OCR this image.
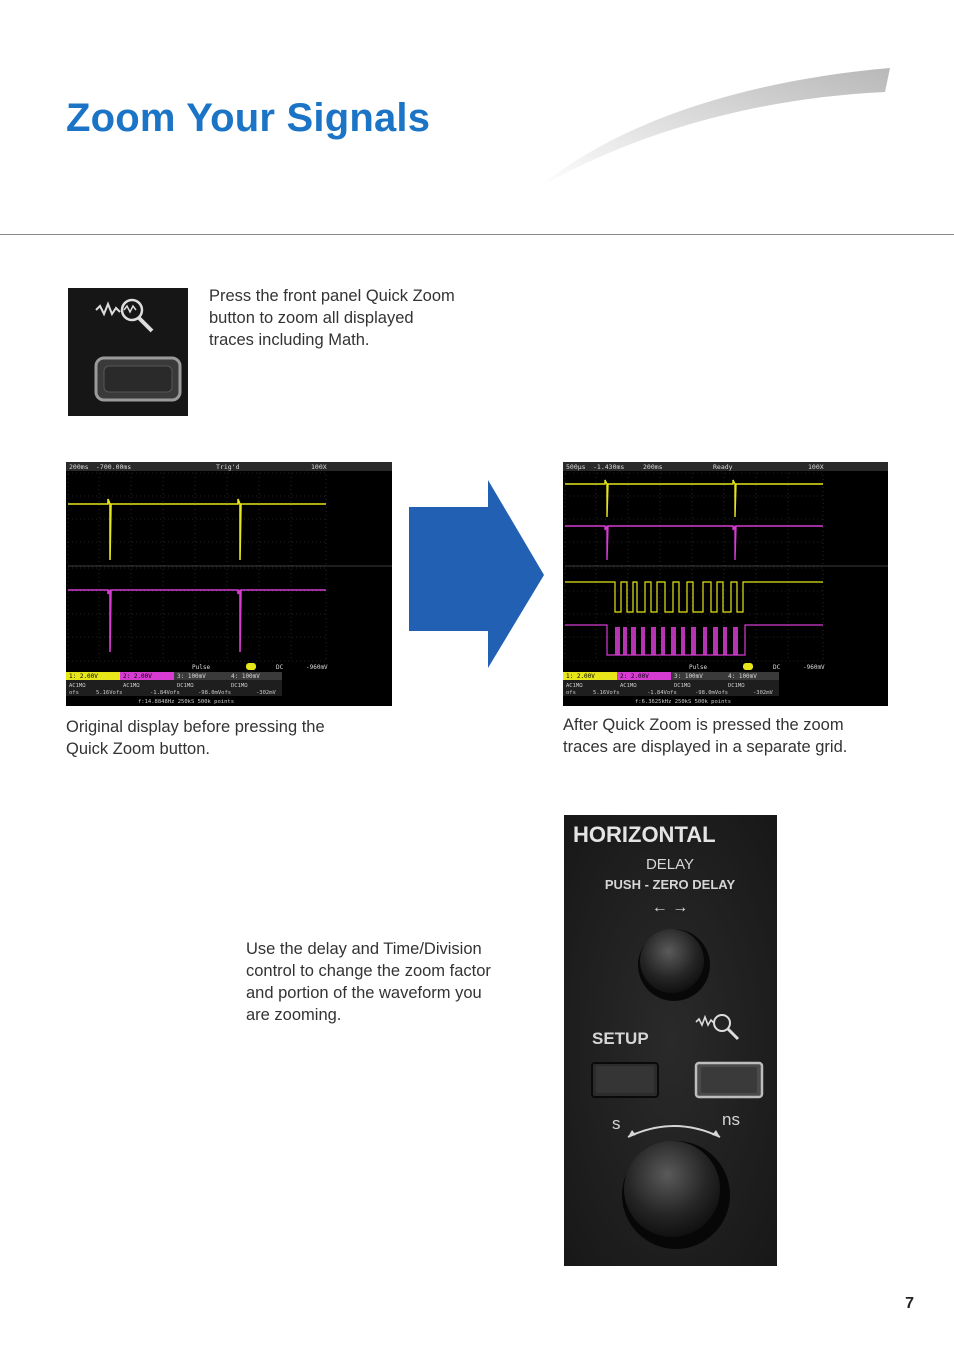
Zoom Your Signals
Press the front panel Quick Zoom
button to zoom all displayed
traces including Math.
200ms -700.00ms	Trig'd	100X
Pulse	DC	-960mV
1: 2.00V	2: 2.00V	3: 100mV	4: 100mV
AC1MΩ	AC1MΩ	DC1MΩ	DC1MΩ
ofs	5.16Vofs	-1.84Vofs	-98.0mVofs	-302mV
f:14.8848Hz 250kS 500k points
500μs -1.430ms	200ms	Ready	100X
Pulse	DC	-960mV
1: 2.00V	2: 2.00V	3: 100mV	4: 100mV
AC1MΩ	AC1MΩ	DC1MΩ	DC1MΩ
ofs	5.16Vofs	-1.84Vofs	-98.0mVofs	-302mV
f:6.3625kHz 250kS 500k points
Original display before pressing the
Quick Zoom button.
After Quick Zoom is pressed the zoom
traces are displayed in a separate grid.
Use the delay and Time/Division
control to change the zoom factor
and portion of the waveform you
are zooming.
HORIZONTAL
DELAY
PUSH - ZERO DELAY
← →
SETUP
s	ns
7
